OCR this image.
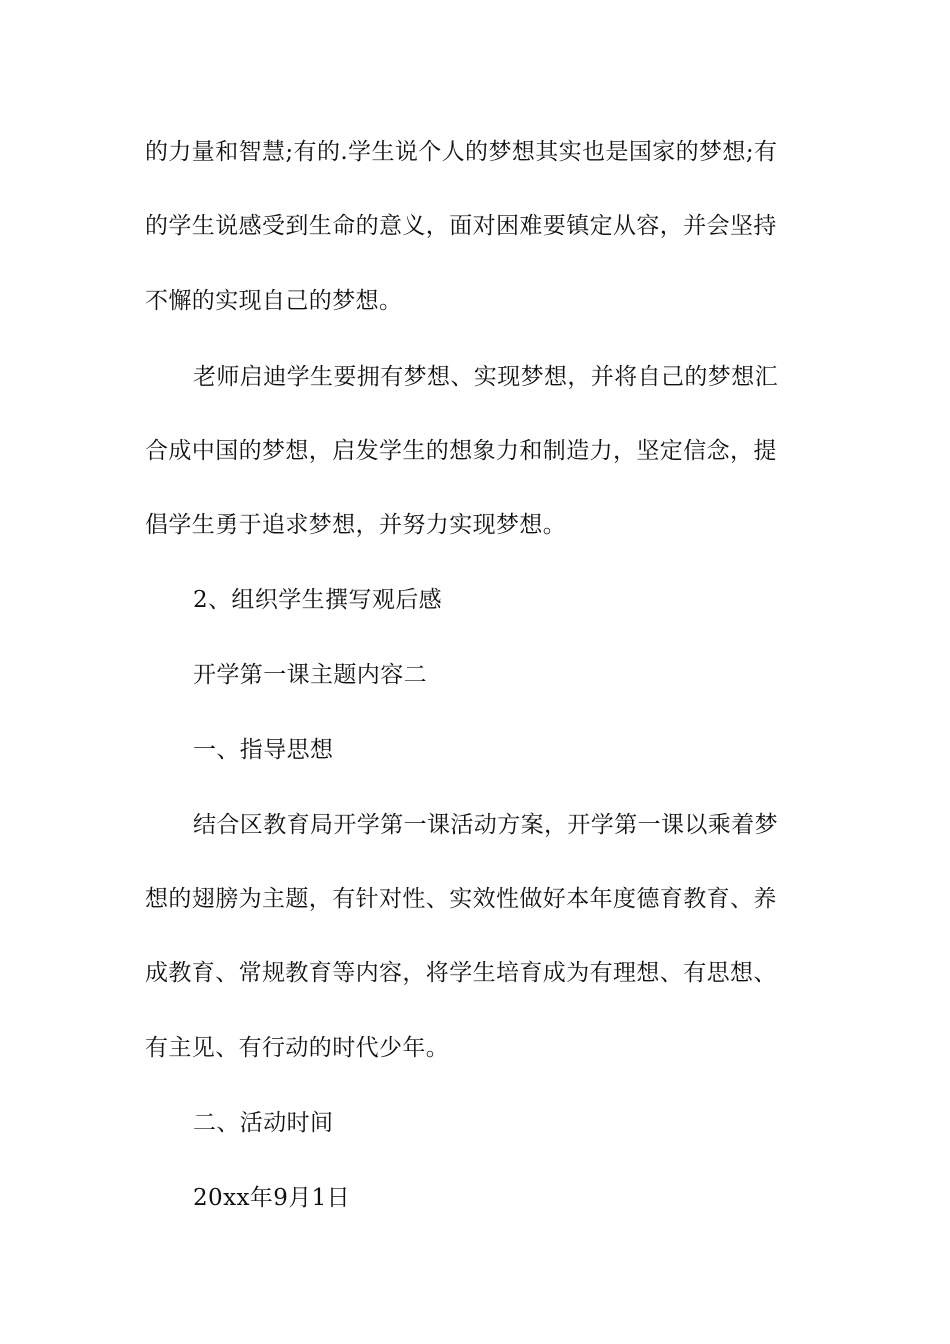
的力量和智慧;有的.学生说个人的梦想其实也是国家的梦想;有
的学生说感受到生命的意义，面对困难要镇定从容，并会坚持
不懈的实现自己的梦想。
老师启迪学生要拥有梦想、实现梦想，并将自己的梦想汇
合成中国的梦想，启发学生的想象力和制造力，坚定信念，提
倡学生勇于追求梦想，并努力实现梦想。
2、组织学生撰写观后感
开学第一课主题内容二
一、指导思想
结合区教育局开学第一课活动方案，开学第一课以乘着梦
想的翅膀为主题，有针对性、实效性做好本年度德育教育、养
成教育、常规教育等内容，将学生培育成为有理想、有思想、
有主见、有行动的时代少年。
二、活动时间
20xx年9月1日
